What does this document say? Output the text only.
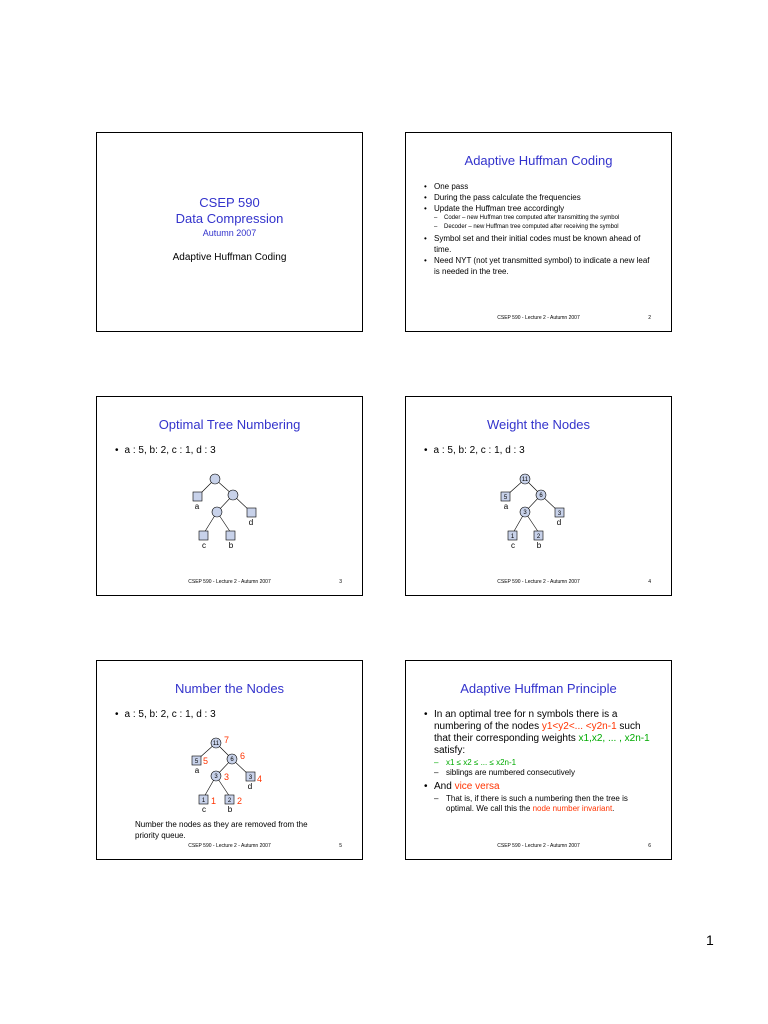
CSEP 590
Data Compression
Autumn 2007
Adaptive Huffman Coding
Adaptive Huffman Coding
• One pass
• During the pass calculate the frequencies
• Update the Huffman tree accordingly
– Coder – new Huffman tree computed after transmitting the symbol
– Decoder – new Huffman tree computed after receiving the symbol
• Symbol set and their initial codes must be known ahead of time.
• Need NYT (not yet transmitted symbol) to indicate a new leaf is needed in the tree.
CSEP 590 - Lecture 2 - Autumn 2007	2
Optimal Tree Numbering
• a : 5, b: 2, c : 1, d : 3
a
d
c	b
CSEP 590 - Lecture 2 - Autumn 2007	3
Weight the Nodes
• a : 5, b: 2, c : 1, d : 3
11
6
3
5
3
1	2
a
d
c	b
CSEP 590 - Lecture 2 - Autumn 2007	4
Number the Nodes
• a : 5, b: 2, c : 1, d : 3
11
6
3
5
3
1	2
7
6
5
3	4
1 2
a
d
c	b
Number the nodes as they are removed from the priority queue.
CSEP 590 - Lecture 2 - Autumn 2007	5
Adaptive Huffman Principle
• In an optimal tree for n symbols there is a numbering of the nodes y1<y2<... <y2n-1 such that their corresponding weights x1,x2, ... , x2n-1 satisfy:
– x1 ≤ x2 ≤ ... ≤ x2n-1
– siblings are numbered consecutively
• And vice versa
– That is, if there is such a numbering then the tree is optimal. We call this the node number invariant.
CSEP 590 - Lecture 2 - Autumn 2007	6
1
